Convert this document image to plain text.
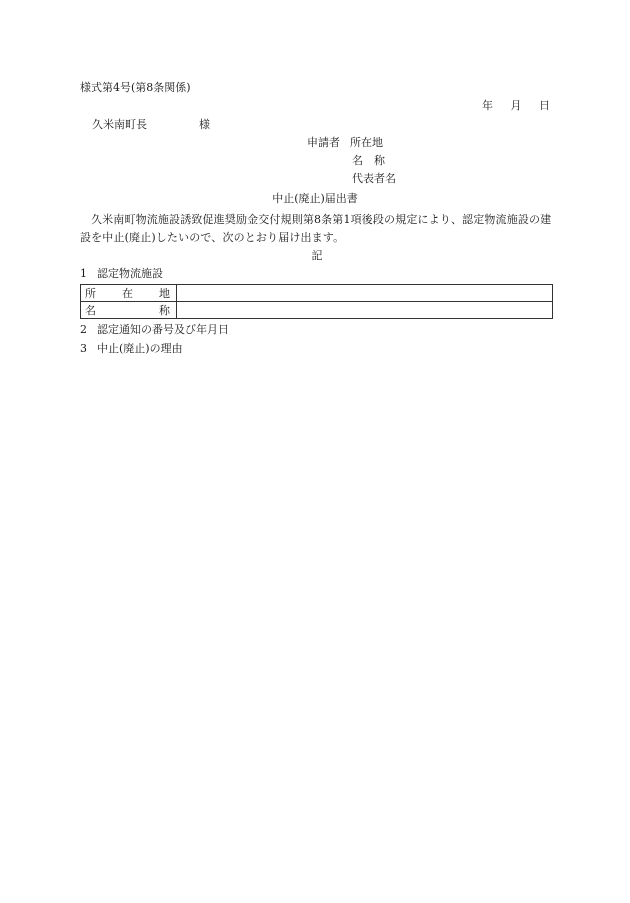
様式第4号(第8条関係)
年 月 日
久米南町長	様
申請者 所在地
名 称
代表者名
中止(廃止)届出書
久米南町物流施設誘致促進奨励金交付規則第8条第1項後段の規定により、認定物流施設の建設を中止(廃止)したいので、次のとおり届け出ます。
記
1 認定物流施設
所在地	
名称	
2 認定通知の番号及び年月日
3 中止(廃止)の理由
